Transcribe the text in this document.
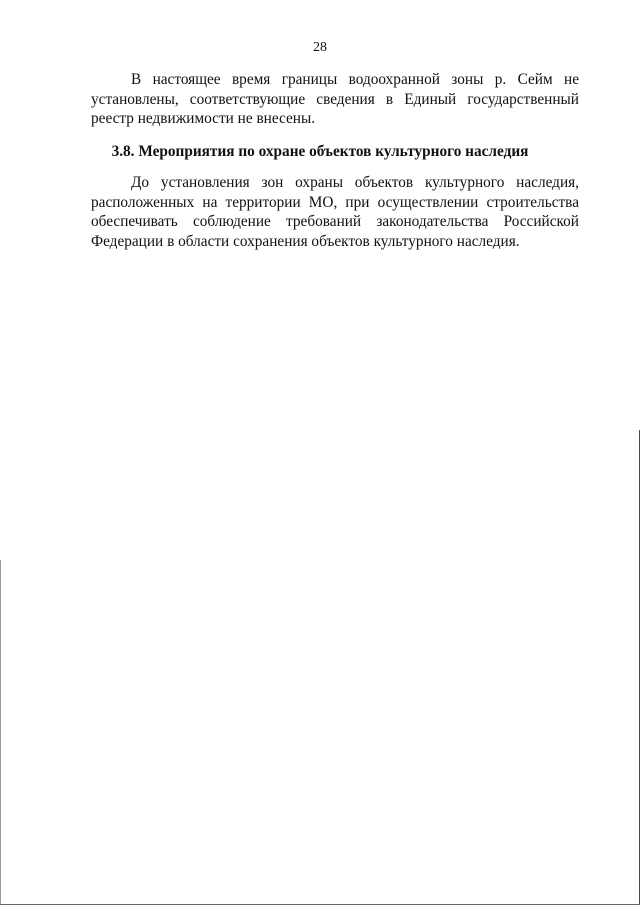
28

В настоящее время границы водоохранной зоны р. Сейм не установлены, соответствующие сведения в Единый государственный реестр недвижимости не внесены.

3.8. Мероприятия по охране объектов культурного наследия

До установления зон охраны объектов культурного наследия, расположенных на территории МО, при осуществлении строительства обеспечивать соблюдение требований законодательства Российской Федерации в области сохранения объектов культурного наследия.
